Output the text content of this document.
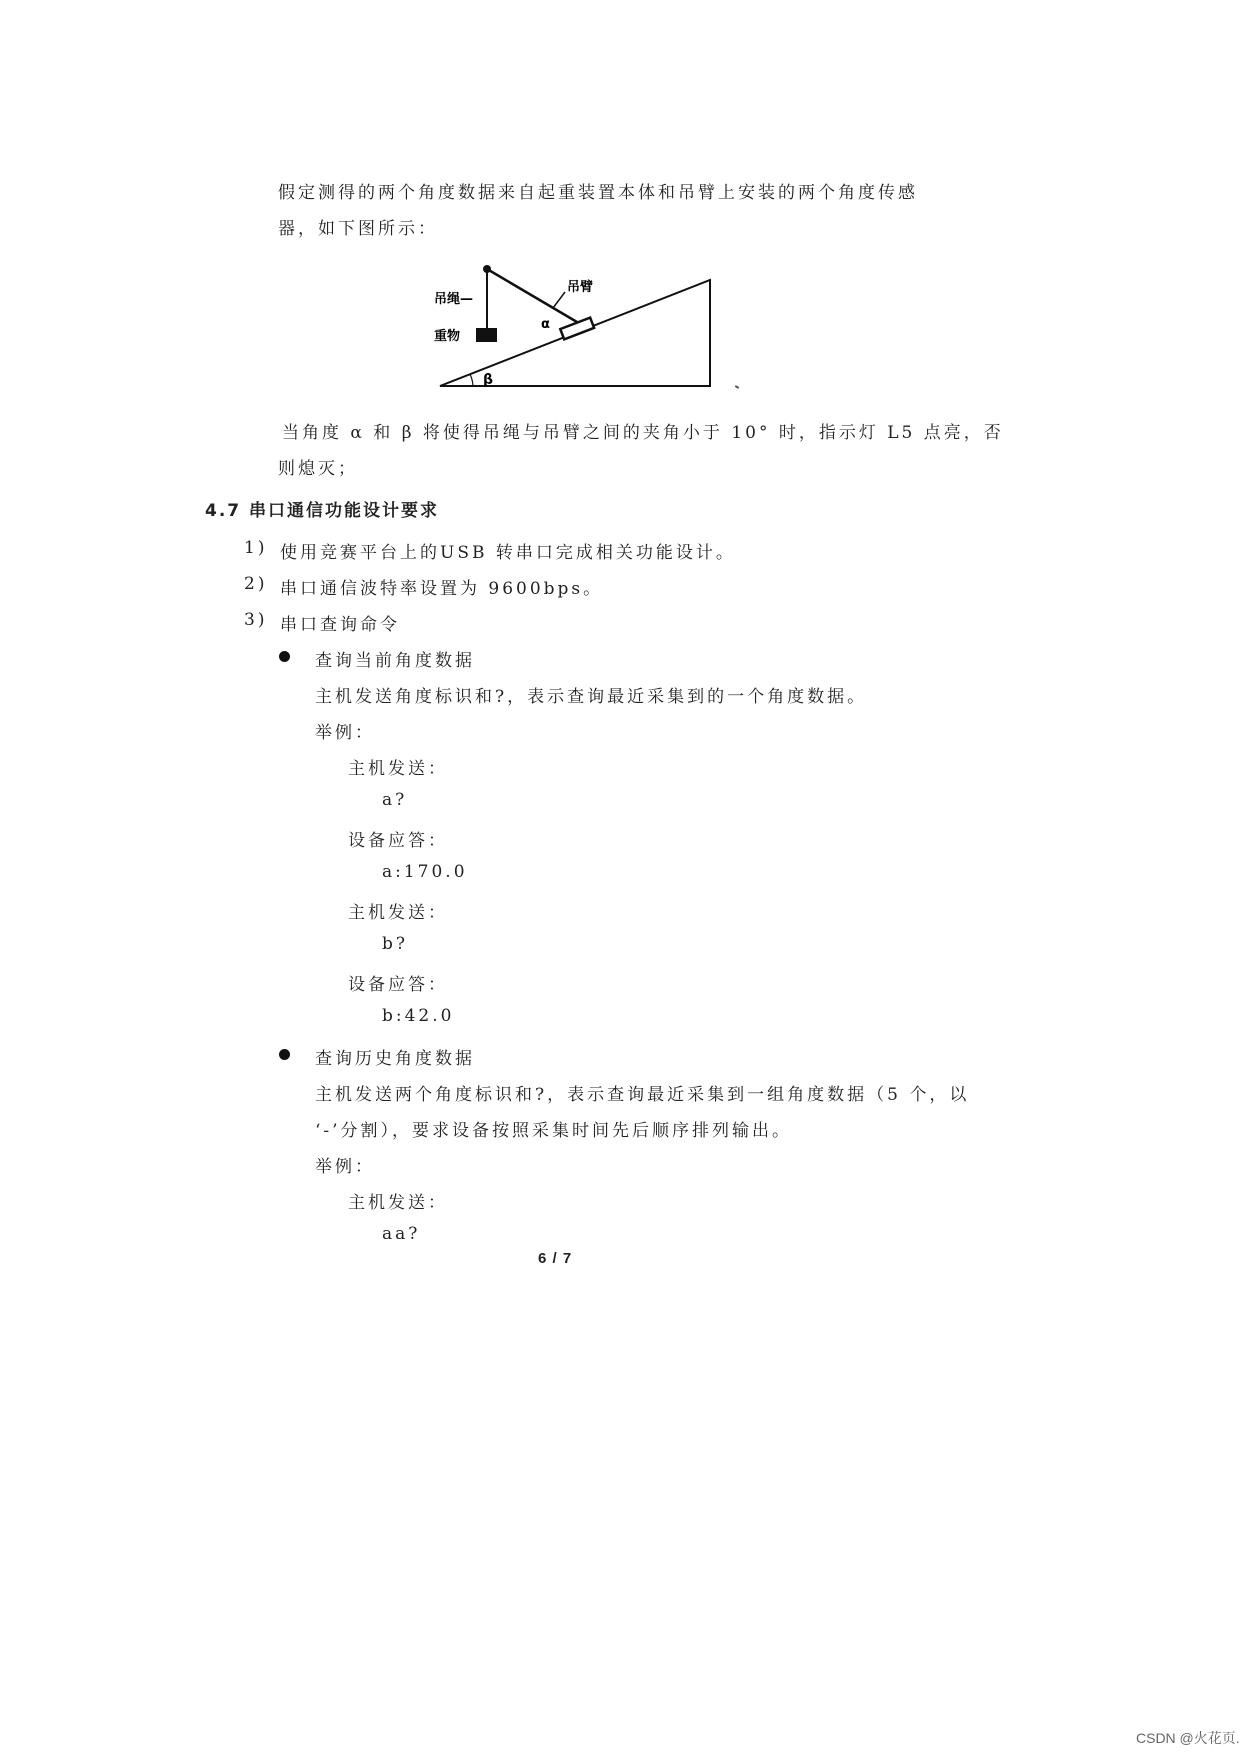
假定测得的两个角度数据来自起重装置本体和吊臂上安装的两个角度传感
器，如下图所示：
吊臂
吊绳—
重物
α
β
当角度 α 和 β 将使得吊绳与吊臂之间的夹角小于 10° 时，指示灯 L5 点亮，否
则熄灭；
4.7 串口通信功能设计要求
1) 使用竞赛平台上的USB 转串口完成相关功能设计。
2) 串口通信波特率设置为 9600bps。
3) 串口查询命令
查询当前角度数据
主机发送角度标识和?，表示查询最近采集到的一个角度数据。
举例：
主机发送：
a?
设备应答：
a:170.0
主机发送：
b?
设备应答：
b:42.0
查询历史角度数据
主机发送两个角度标识和?，表示查询最近采集到一组角度数据（5 个，以
‘-’分割），要求设备按照采集时间先后顺序排列输出。
举例：
主机发送：
aa?
6 / 7
CSDN @火花页.
